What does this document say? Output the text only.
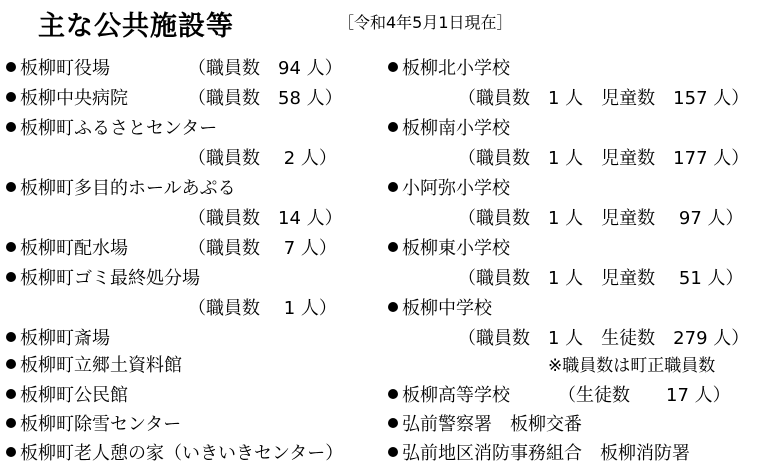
主な公共施設等	［令和4年5月1日現在］
板柳町役場	（職員数　94 人）
板柳中央病院	（職員数　58 人）
板柳町ふるさとセンター
（職員数　 2 人）
板柳町多目的ホールあぷる
（職員数　14 人）
板柳町配水場	（職員数　 7 人）
板柳町ゴミ最終処分場
（職員数　 1 人）
板柳町斎場
板柳町立郷土資料館
板柳町公民館
板柳町除雪センター
板柳町老人憩の家（いきいきセンター）
板柳北小学校
（職員数　1 人　児童数　157 人）
板柳南小学校
（職員数　1 人　児童数　177 人）
小阿弥小学校
（職員数　1 人　児童数　 97 人）
板柳東小学校
（職員数　1 人　児童数　 51 人）
板柳中学校
（職員数　1 人　生徒数　279 人）
※職員数は町正職員数
板柳高等学校	（生徒数　　17 人）
弘前警察署　板柳交番
弘前地区消防事務組合　板柳消防署
